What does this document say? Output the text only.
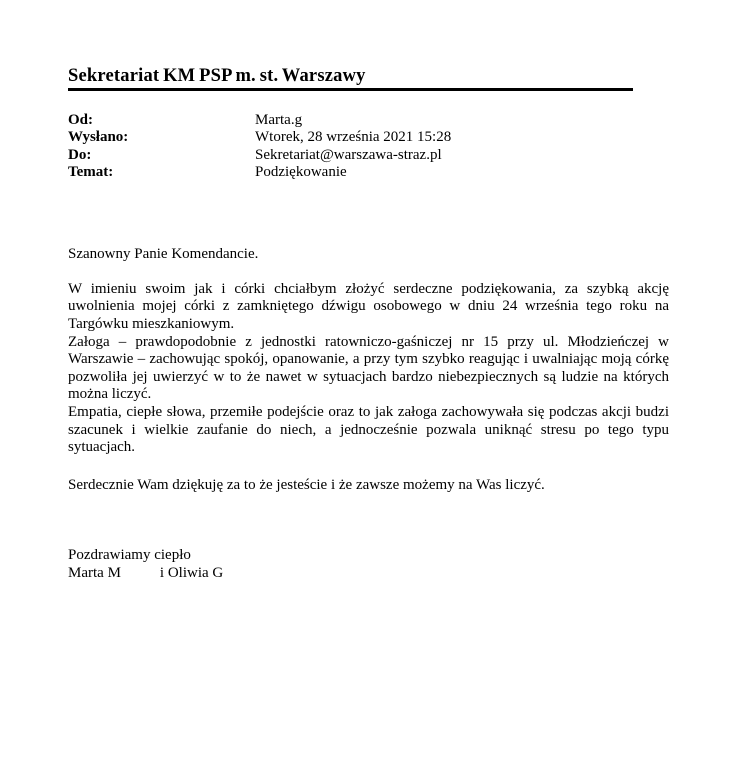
Sekretariat KM PSP m. st. Warszawy
Od:	Marta.g
Wysłano:	Wtorek, 28 września 2021 15:28
Do:	Sekretariat@warszawa-straz.pl
Temat:	Podziękowanie

Szanowny Panie Komendancie.

W imieniu swoim jak i córki chciałbym złożyć serdeczne podziękowania, za szybką akcję uwolnienia mojej córki z zamkniętego dźwigu osobowego w dniu 24 września tego roku na Targówku mieszkaniowym.

Załoga – prawdopodobnie z jednostki ratowniczo-gaśniczej nr 15 przy ul. Młodzieńczej w Warszawie – zachowując spokój, opanowanie, a przy tym szybko reagując i uwalniając moją córkę pozwoliła jej uwierzyć w to że nawet w sytuacjach bardzo niebezpiecznych są ludzie na których można liczyć.

Empatia, ciepłe słowa, przemiłe podejście oraz to jak załoga zachowywała się podczas akcji budzi szacunek i wielkie zaufanie do niech, a jednocześnie pozwala uniknąć stresu po tego typu sytuacjach.

Serdecznie Wam dziękuję za to że jesteście i że zawsze możemy na Was liczyć.

Pozdrawiamy ciepło

Marta M	i Oliwia G
